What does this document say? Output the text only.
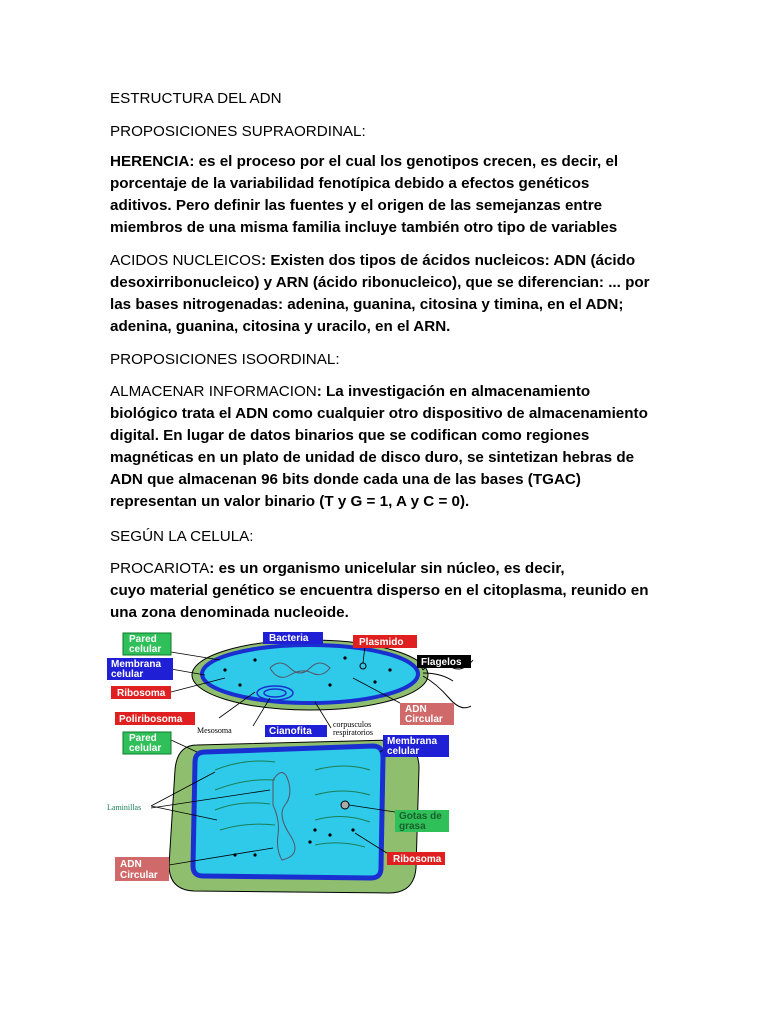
ESTRUCTURA DEL ADN
PROPOSICIONES SUPRAORDINAL:
HERENCIA: es el proceso por el cual los genotipos crecen, es decir, el
porcentaje de la variabilidad fenotípica debido a efectos genéticos
aditivos. Pero definir las fuentes y el origen de las semejanzas entre
miembros de una misma familia incluye también otro tipo de variables
ACIDOS NUCLEICOS: Existen dos tipos de ácidos nucleicos: ADN (ácido
desoxirribonucleico) y ARN (ácido ribonucleico), que se diferencian: ... por
las bases nitrogenadas: adenina, guanina, citosina y timina, en el ADN;
adenina, guanina, citosina y uracilo, en el ARN.
PROPOSICIONES ISOORDINAL:
ALMACENAR INFORMACION: La investigación en almacenamiento
biológico trata el ADN como cualquier otro dispositivo de almacenamiento
digital. En lugar de datos binarios que se codifican como regiones
magnéticas en un plato de unidad de disco duro, se sintetizan hebras de
ADN que almacenan 96 bits donde cada una de las bases (TGAC)
representan un valor binario (T y G = 1, A y C = 0).
SEGÚN LA CELULA:
PROCARIOTA: es un organismo unicelular sin núcleo, es decir,
cuyo material genético se encuentra disperso en el citoplasma, reunido en
una zona denominada nucleoide.
Pared
celular
Bacteria	Plasmido
Membrana
celular
Flagelos
Ribosoma
ADN
Circular
Poliribosoma
Mesosoma	Cianofita
corpusculos
respiratorios
Pared
celular
Membrana
celular
Laminillas
Gotas de
grasa
Ribosoma
ADN
Circular
